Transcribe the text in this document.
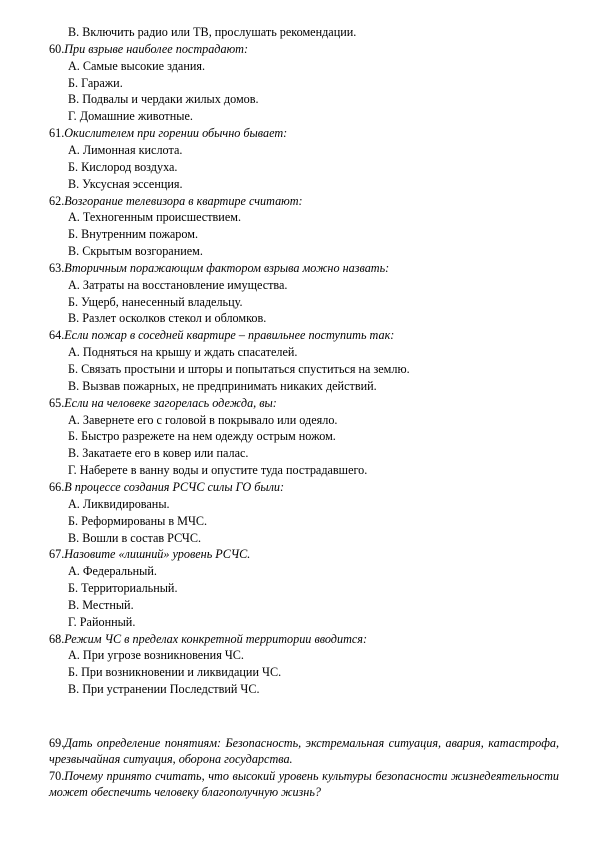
В. Включить радио или ТВ, прослушать рекомендации.
60.При взрыве наиболее пострадают:
А. Самые высокие здания.
Б. Гаражи.
В. Подвалы и чердаки жилых домов.
Г. Домашние животные.
61.Окислителем при горении обычно бывает:
А. Лимонная кислота.
Б. Кислород воздуха.
В. Уксусная эссенция.
62.Возгорание телевизора в квартире считают:
А. Техногенным происшествием.
Б. Внутренним пожаром.
В. Скрытым возгоранием.
63.Вторичным поражающим фактором взрыва можно назвать:
А. Затраты на восстановление имущества.
Б. Ущерб, нанесенный владельцу.
В. Разлет осколков стекол и обломков.
64.Если пожар в соседней квартире – правильнее поступить так:
А. Подняться на крышу и ждать спасателей.
Б. Связать простыни и шторы и попытаться спуститься на землю.
В. Вызвав пожарных, не предпринимать никаких действий.
65.Если на человеке загорелась одежда, вы:
А. Завернете его с головой в покрывало или одеяло.
Б. Быстро разрежете на нем одежду острым ножом.
В. Закатаете его в ковер или палас.
Г. Наберете в ванну воды и опустите туда пострадавшего.
66.В процессе создания РСЧС силы ГО были:
А. Ликвидированы.
Б. Реформированы в МЧС.
В. Вошли в состав РСЧС.
67.Назовите «лишний» уровень РСЧС.
А. Федеральный.
Б. Территориальный.
В. Местный.
Г. Районный.
68.Режим ЧС в пределах конкретной территории вводится:
А. При угрозе возникновения ЧС.
Б. При возникновении и ликвидации ЧС.
В. При устранении Последствий ЧС.
69.Дать определение понятиям: Безопасность, экстремальная ситуация, авария, катастрофа, чрезвычайная ситуация, оборона государства.
70.Почему принято считать, что высокий уровень культуры безопасности жизнедеятельности может обеспечить человеку благополучную жизнь?
